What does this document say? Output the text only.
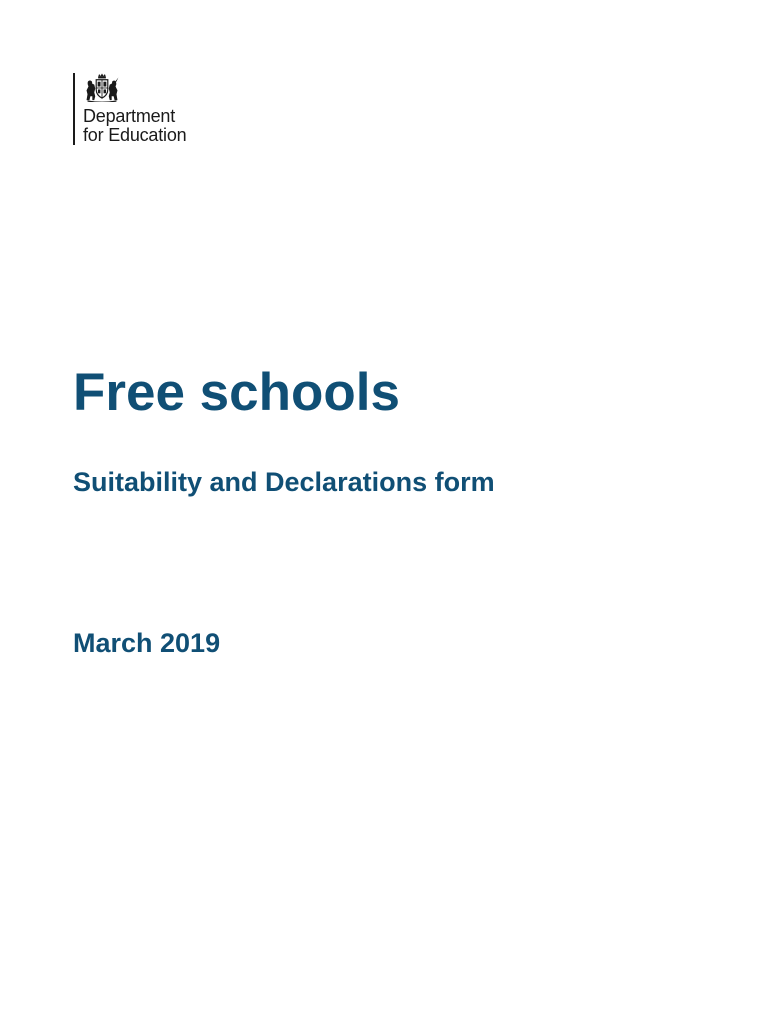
Department
for Education
Free schools
Suitability and Declarations form
March 2019
